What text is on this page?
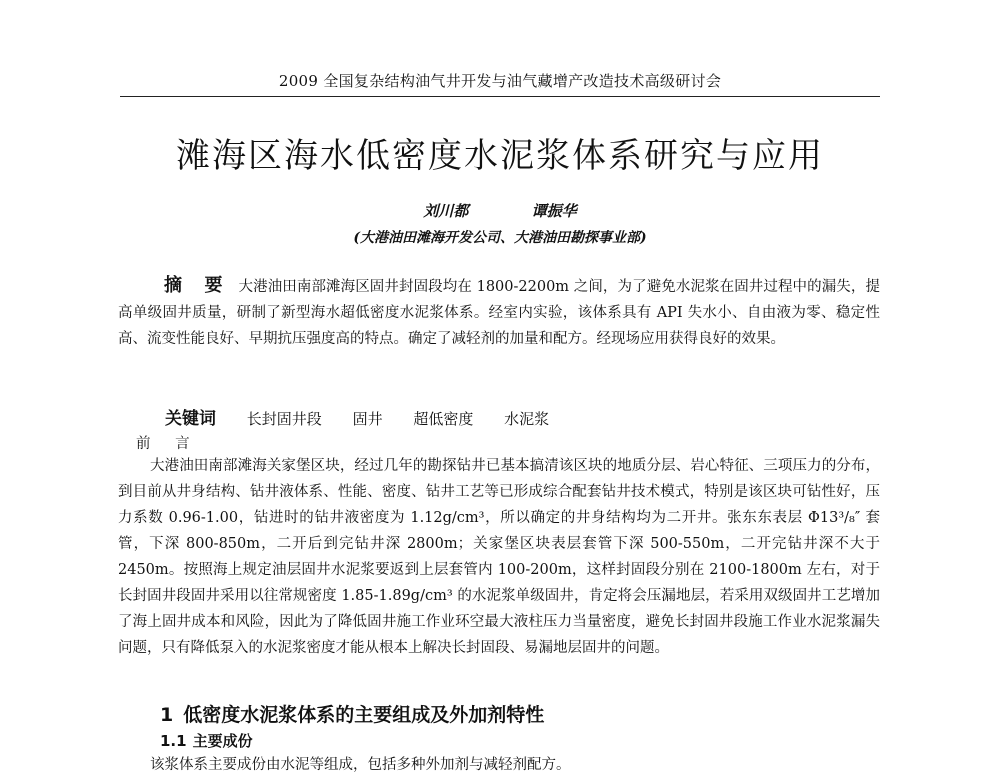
2009 全国复杂结构油气井开发与油气藏增产改造技术高级研讨会
滩海区海水低密度水泥浆体系研究与应用
刘川都	谭振华
(大港油田滩海开发公司、大港油田勘探事业部)
摘 要 大港油田南部滩海区固井封固段均在 1800-2200m 之间，为了避免水泥浆在固井过程中的漏失，提高单级固井质量，研制了新型海水超低密度水泥浆体系。经室内实验，该体系具有 API 失水小、自由液为零、稳定性高、流变性能良好、早期抗压强度高的特点。确定了减轻剂的加量和配方。经现场应用获得良好的效果。
关键词 长封固井段 固井 超低密度 水泥浆
前 言
大港油田南部滩海关家堡区块，经过几年的勘探钻井已基本搞清该区块的地质分层、岩心特征、三项压力的分布，到目前从井身结构、钻井液体系、性能、密度、钻井工艺等已形成综合配套钻井技术模式，特别是该区块可钻性好，压力系数 0.96-1.00，钻进时的钻井液密度为 1.12g/cm³，所以确定的井身结构均为二开井。张东东表层 Φ13³/₈″ 套管，下深 800-850m，二开后到完钻井深 2800m；关家堡区块表层套管下深 500-550m，二开完钻井深不大于 2450m。按照海上规定油层固井水泥浆要返到上层套管内 100-200m，这样封固段分别在 2100-1800m 左右，对于长封固井段固井采用以往常规密度 1.85-1.89g/cm³ 的水泥浆单级固井，肯定将会压漏地层，若采用双级固井工艺增加了海上固井成本和风险，因此为了降低固井施工作业环空最大液柱压力当量密度，避免长封固井段施工作业水泥浆漏失问题，只有降低泵入的水泥浆密度才能从根本上解决长封固段、易漏地层固井的问题。
1 低密度水泥浆体系的主要组成及外加剂特性
1.1 主要成份
该浆体系主要成份由水泥等组成，包括多种外加剂与减轻剂配方。
